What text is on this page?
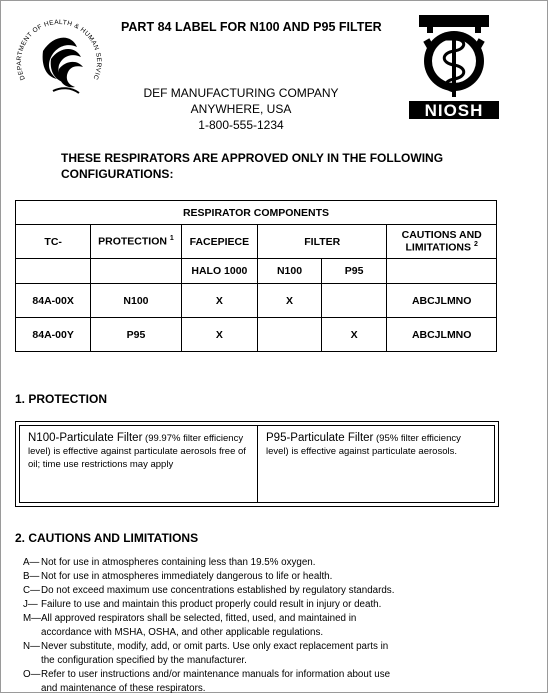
DEPARTMENT OF HEALTH & HUMAN SERVIC
PART 84 LABEL FOR N100 AND P95 FILTER
DEF MANUFACTURING COMPANY
ANYWHERE, USA
1-800-555-1234
NIOSH
THESE RESPIRATORS ARE APPROVED ONLY IN THE FOLLOWING CONFIGURATIONS:
RESPIRATOR COMPONENTS					
TC-	PROTECTION $^1$	FACEPIECE	FILTER		CAUTIONS AND LIMITATIONS $^2$
		HALO 1000	N100	P95	
84A-00X	N100	X	X		ABCJLMNO
84A-00Y	P95	X		X	ABCJLMNO
1. PROTECTION
N100-Particulate Filter (99.97% filter efficiency level) is effective against particulate aerosols free of oil; time use restrictions may apply
P95-Particulate Filter (95% filter efficiency level) is effective against particulate aerosols.
2. CAUTIONS AND LIMITATIONS
A— Not for use in atmospheres containing less than 19.5% oxygen.
B— Not for use in atmospheres immediately dangerous to life or health.
C— Do not exceed maximum use concentrations established by regulatory standards.
J— Failure to use and maintain this product properly could result in injury or death.
M— All approved respirators shall be selected, fitted, used, and maintained in
accordance with MSHA, OSHA, and other applicable regulations.
N— Never substitute, modify, add, or omit parts. Use only exact replacement parts in
the configuration specified by the manufacturer.
O— Refer to user instructions and/or maintenance manuals for information about use
and maintenance of these respirators.
